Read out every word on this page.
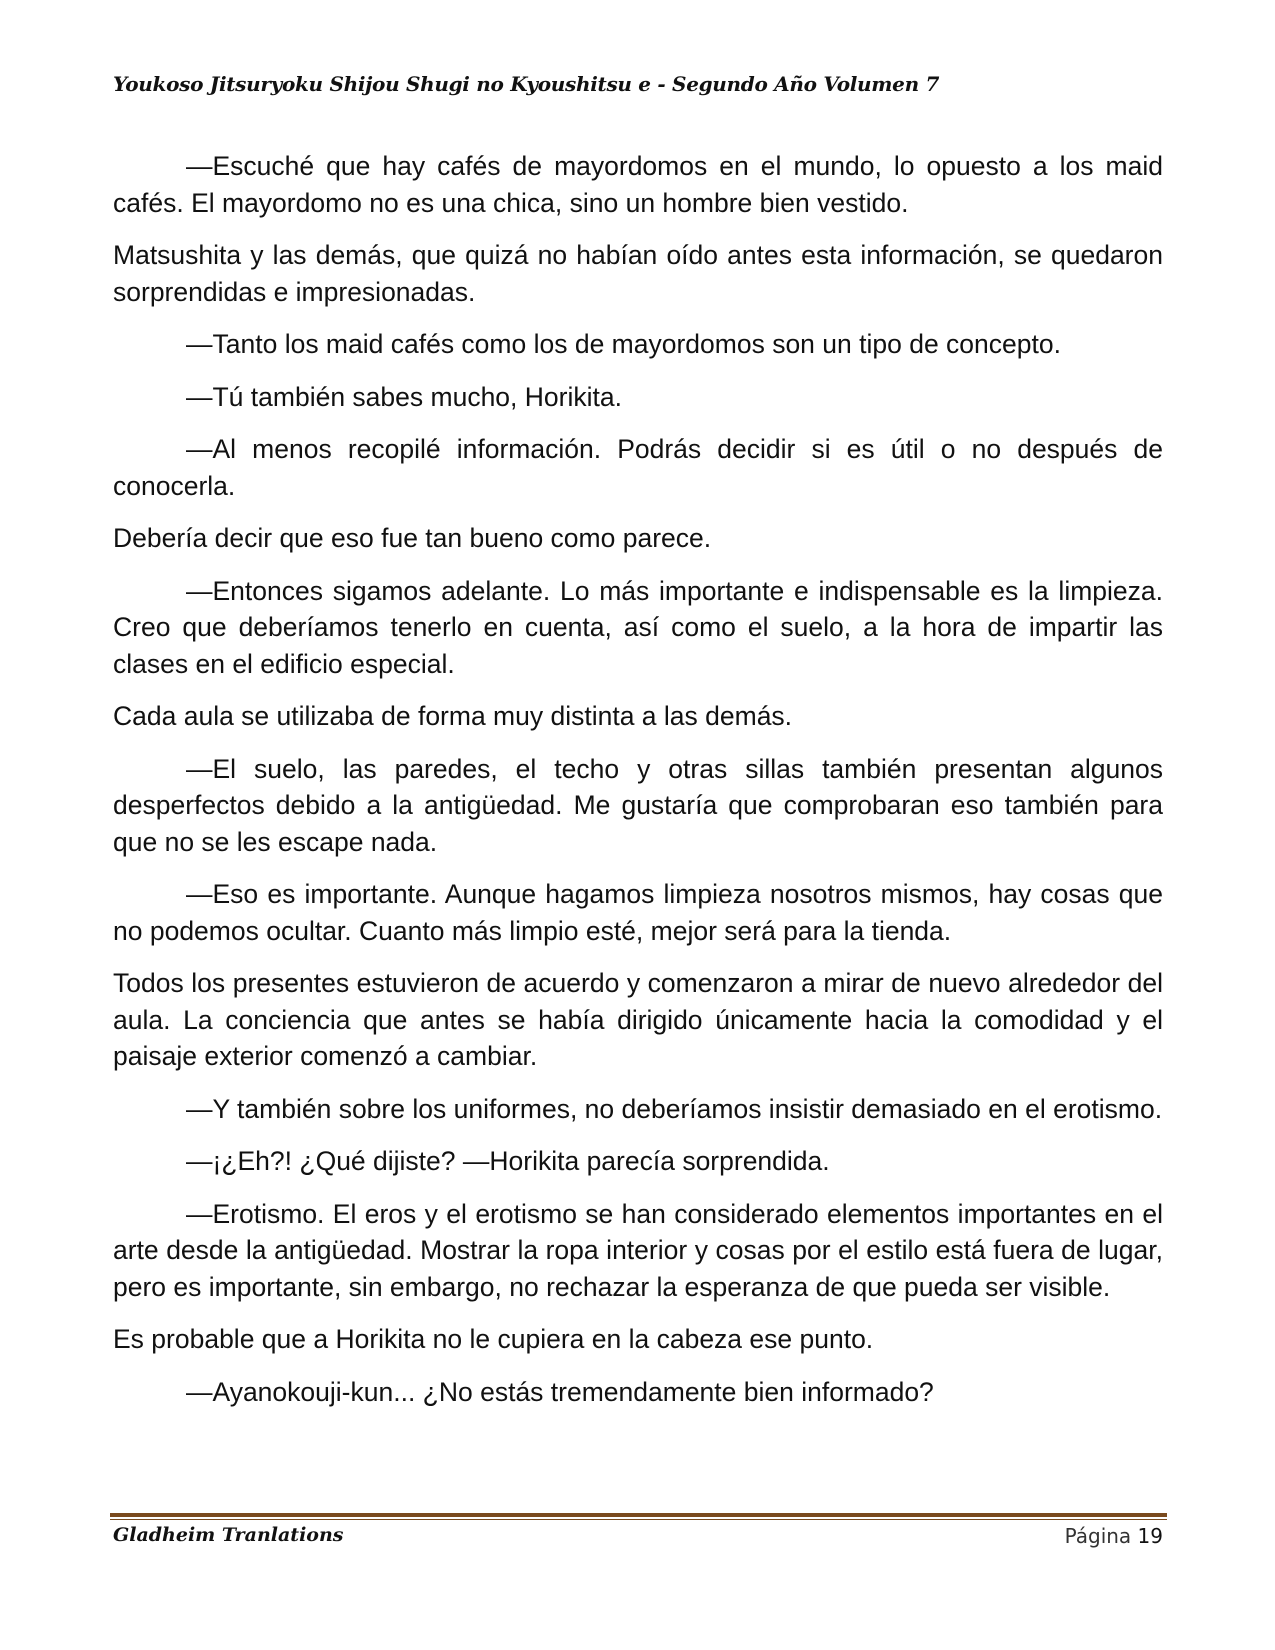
Youkoso Jitsuryoku Shijou Shugi no Kyoushitsu e - Segundo Año Volumen 7

—Escuché que hay cafés de mayordomos en el mundo, lo opuesto a los maid cafés. El mayordomo no es una chica, sino un hombre bien vestido.

Matsushita y las demás, que quizá no habían oído antes esta información, se quedaron sorprendidas e impresionadas.

—Tanto los maid cafés como los de mayordomos son un tipo de concepto.

—Tú también sabes mucho, Horikita.

—Al menos recopilé información. Podrás decidir si es útil o no después de conocerla.

Debería decir que eso fue tan bueno como parece.

—Entonces sigamos adelante. Lo más importante e indispensable es la limpieza. Creo que deberíamos tenerlo en cuenta, así como el suelo, a la hora de impartir las clases en el edificio especial.

Cada aula se utilizaba de forma muy distinta a las demás.

—El suelo, las paredes, el techo y otras sillas también presentan algunos desperfectos debido a la antigüedad. Me gustaría que comprobaran eso también para que no se les escape nada.

—Eso es importante. Aunque hagamos limpieza nosotros mismos, hay cosas que no podemos ocultar. Cuanto más limpio esté, mejor será para la tienda.

Todos los presentes estuvieron de acuerdo y comenzaron a mirar de nuevo alrededor del aula. La conciencia que antes se había dirigido únicamente hacia la comodidad y el paisaje exterior comenzó a cambiar.

—Y también sobre los uniformes, no deberíamos insistir demasiado en el erotismo.

—¡¿Eh?! ¿Qué dijiste? —Horikita parecía sorprendida.

—Erotismo. El eros y el erotismo se han considerado elementos importantes en el arte desde la antigüedad. Mostrar la ropa interior y cosas por el estilo está fuera de lugar, pero es importante, sin embargo, no rechazar la esperanza de que pueda ser visible.

Es probable que a Horikita no le cupiera en la cabeza ese punto.

—Ayanokouji-kun... ¿No estás tremendamente bien informado?

Gladheim Tranlations	Página 19
